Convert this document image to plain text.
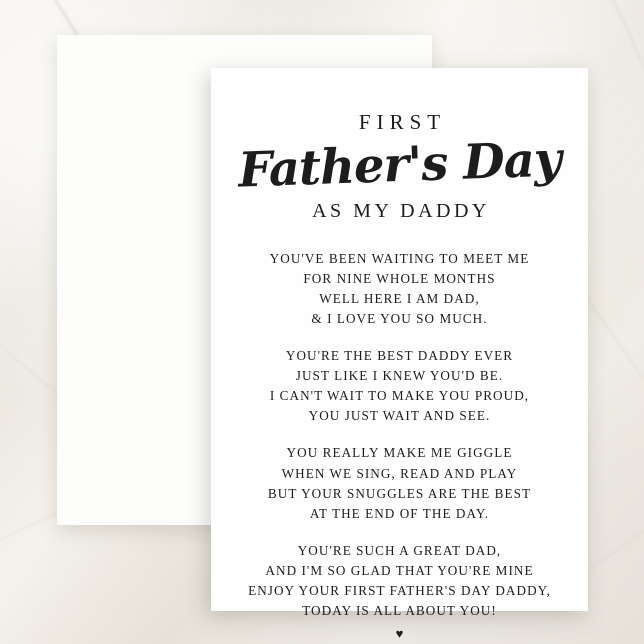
FIRST
Father's Day
AS MY DADDY
YOU'VE BEEN WAITING TO MEET ME
FOR NINE WHOLE MONTHS
WELL HERE I AM DAD,
& I LOVE YOU SO MUCH.
YOU'RE THE BEST DADDY EVER
JUST LIKE I KNEW YOU'D BE.
I CAN'T WAIT TO MAKE YOU PROUD,
YOU JUST WAIT AND SEE.
YOU REALLY MAKE ME GIGGLE
WHEN WE SING, READ AND PLAY
BUT YOUR SNUGGLES ARE THE BEST
AT THE END OF THE DAY.
YOU'RE SUCH A GREAT DAD,
AND I'M SO GLAD THAT YOU'RE MINE
ENJOY YOUR FIRST FATHER'S DAY DADDY,
TODAY IS ALL ABOUT YOU!
♥
